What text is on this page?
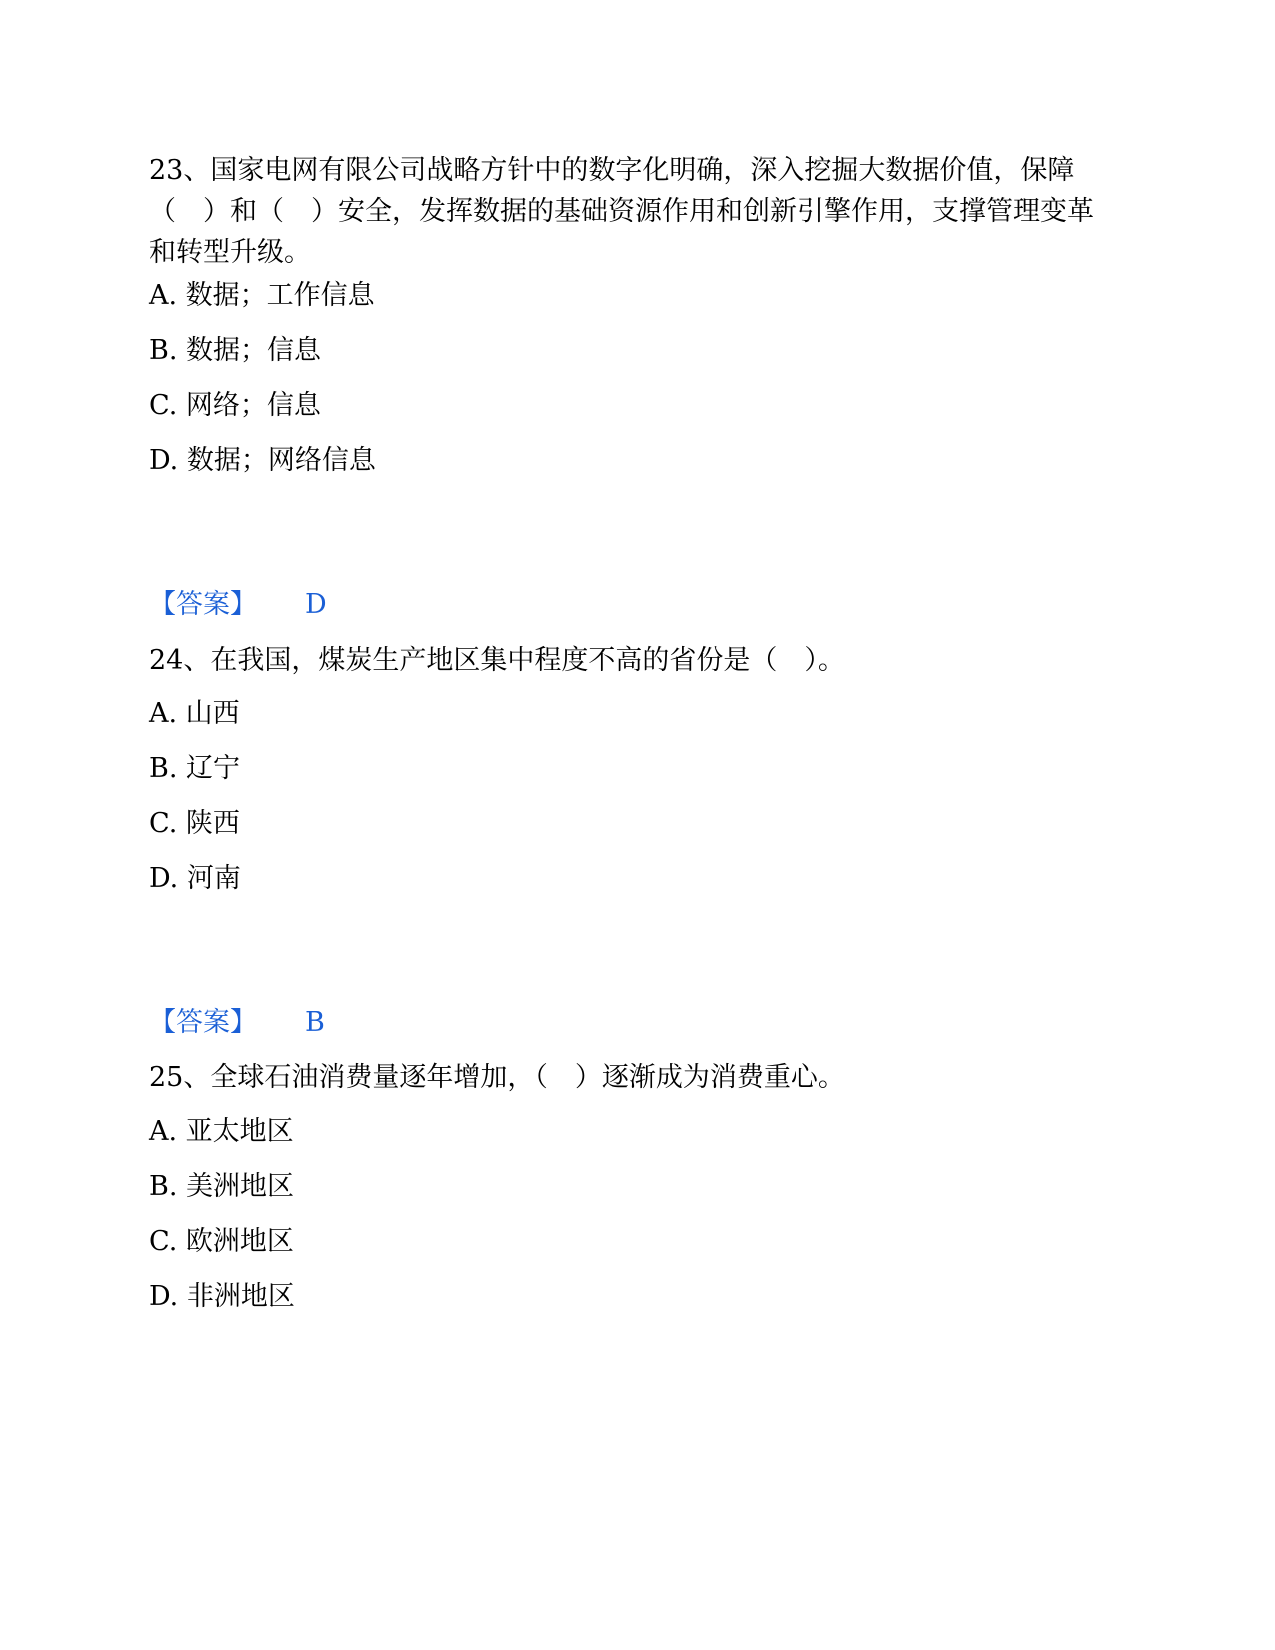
23、国家电网有限公司战略方针中的数字化明确，深入挖掘大数据价值，保障（　）和（　）安全，发挥数据的基础资源作用和创新引擎作用，支撑管理变革和转型升级。
A. 数据；工作信息
B. 数据；信息
C. 网络；信息
D. 数据；网络信息
【答案】 D
24、在我国，煤炭生产地区集中程度不高的省份是（　）。
A. 山西
B. 辽宁
C. 陕西
D. 河南
【答案】 B
25、全球石油消费量逐年增加，（　）逐渐成为消费重心。
A. 亚太地区
B. 美洲地区
C. 欧洲地区
D. 非洲地区
